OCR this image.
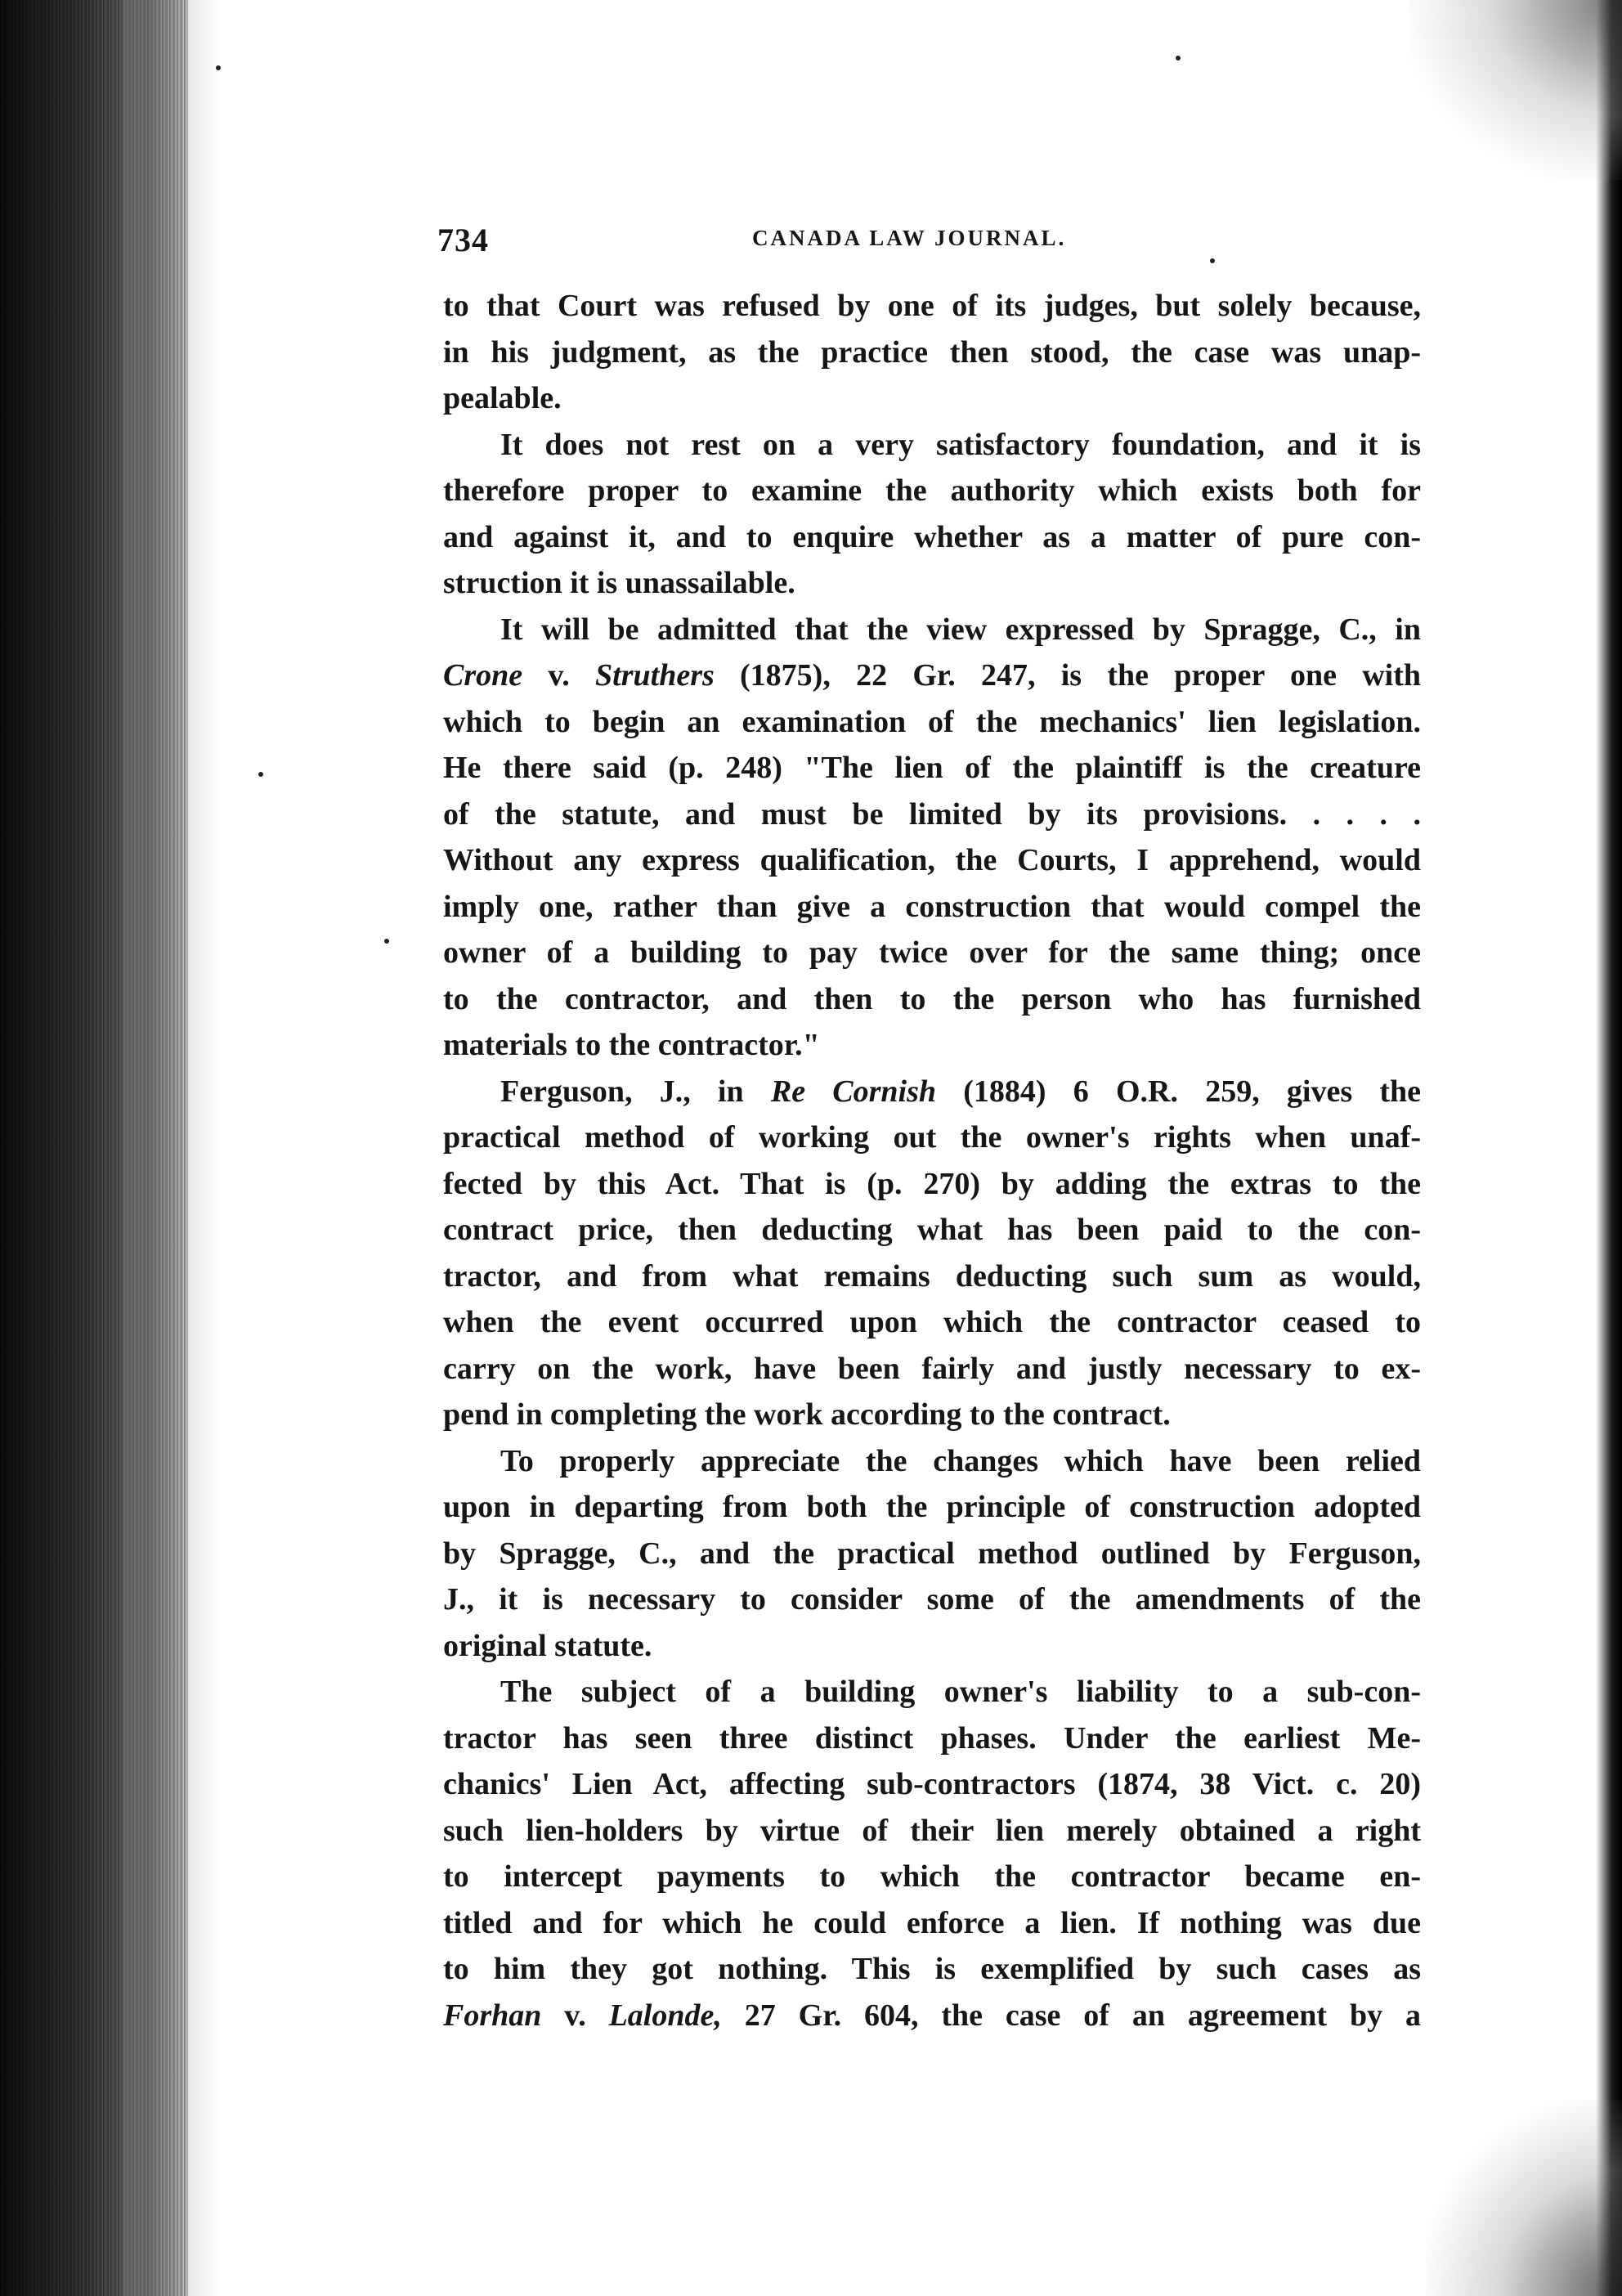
734	CANADA LAW JOURNAL.
to that Court was refused by one of its judges, but solely because,
in his judgment, as the practice then stood, the case was unap-
pealable.
It does not rest on a very satisfactory foundation, and it is
therefore proper to examine the authority which exists both for
and against it, and to enquire whether as a matter of pure con-
struction it is unassailable.
It will be admitted that the view expressed by Spragge, C., in
Crone v. Struthers (1875), 22 Gr. 247, is the proper one with
which to begin an examination of the mechanics' lien legislation.
He there said (p. 248) "The lien of the plaintiff is the creature
of the statute, and must be limited by its provisions. . . . .
Without any express qualification, the Courts, I apprehend, would
imply one, rather than give a construction that would compel the
owner of a building to pay twice over for the same thing; once
to the contractor, and then to the person who has furnished
materials to the contractor."
Ferguson, J., in Re Cornish (1884) 6 O.R. 259, gives the
practical method of working out the owner's rights when unaf-
fected by this Act. That is (p. 270) by adding the extras to the
contract price, then deducting what has been paid to the con-
tractor, and from what remains deducting such sum as would,
when the event occurred upon which the contractor ceased to
carry on the work, have been fairly and justly necessary to ex-
pend in completing the work according to the contract.
To properly appreciate the changes which have been relied
upon in departing from both the principle of construction adopted
by Spragge, C., and the practical method outlined by Ferguson,
J., it is necessary to consider some of the amendments of the
original statute.
The subject of a building owner's liability to a sub-con-
tractor has seen three distinct phases. Under the earliest Me-
chanics' Lien Act, affecting sub-contractors (1874, 38 Vict. c. 20)
such lien-holders by virtue of their lien merely obtained a right
to intercept payments to which the contractor became en-
titled and for which he could enforce a lien. If nothing was due
to him they got nothing. This is exemplified by such cases as
Forhan v. Lalonde, 27 Gr. 604, the case of an agreement by a
